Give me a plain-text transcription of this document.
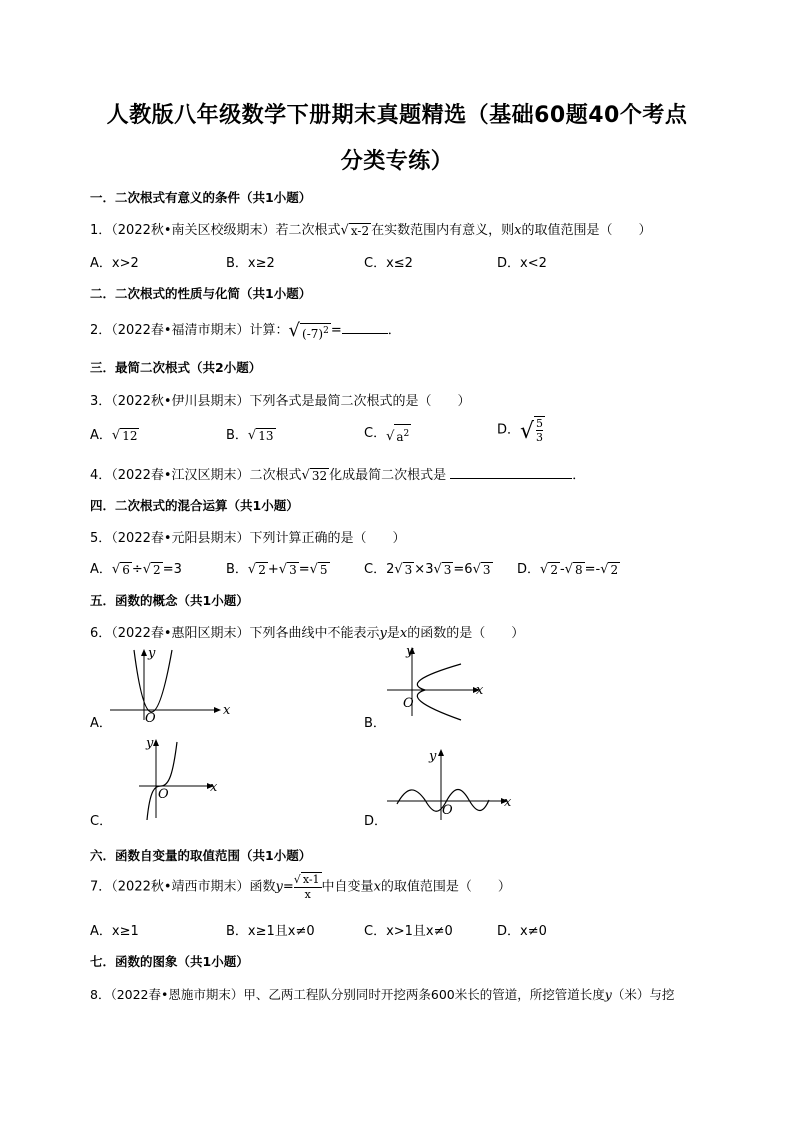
人教版八年级数学下册期末真题精选（基础60题40个考点
分类专练）
一．二次根式有意义的条件（共1小题）
1．（2022秋•南关区校级期末）若二次根式√ x-2 在实数范围内有意义，则x的取值范围是（　　）
A．x>2	B．x≥2	C．x≤2	D．x<2
二．二次根式的性质与化简（共1小题）
2．（2022春•福清市期末）计算： √ $(-7)^2$ =	．
三．最简二次根式（共2小题）
3．（2022秋•伊川县期末）下列各式是最简二次根式的是（　　）
A．√ 12	B．√ 13	C．√ $a^2$	D． √ 5
3
4．（2022春•江汉区期末）二次根式√ 32 化成最简二次根式是	．
四．二次根式的混合运算（共1小题）
5．（2022春•元阳县期末）下列计算正确的是（　　）
A．√ 6 ÷√ 2 =3	B．√ 2 +√ 3 =√ 5	C．2√ 3 ×3√ 3 =6√ 3 D．√ 2 -√ 8 =-√ 2
五．函数的概念（共1小题）
6．（2022春•惠阳区期末）下列各曲线中不能表示y是x的函数的是（　　）
A．
x
y
O	B．
x
y
O
C．
x
y
O
D．
x
y
O
六．函数自变量的取值范围（共1小题）
7．（2022秋•靖西市期末）函数$y= \frac{√ x-1}{x}$ 中自变量x的取值范围是（　　）
A．x≥1	B．x≥1且x≠0	C．x>1且x≠0	D．x≠0
七．函数的图象（共1小题）
8．（2022春•恩施市期末）甲、乙两工程队分别同时开挖两条600米长的管道，所挖管道长度y（米）与挖
